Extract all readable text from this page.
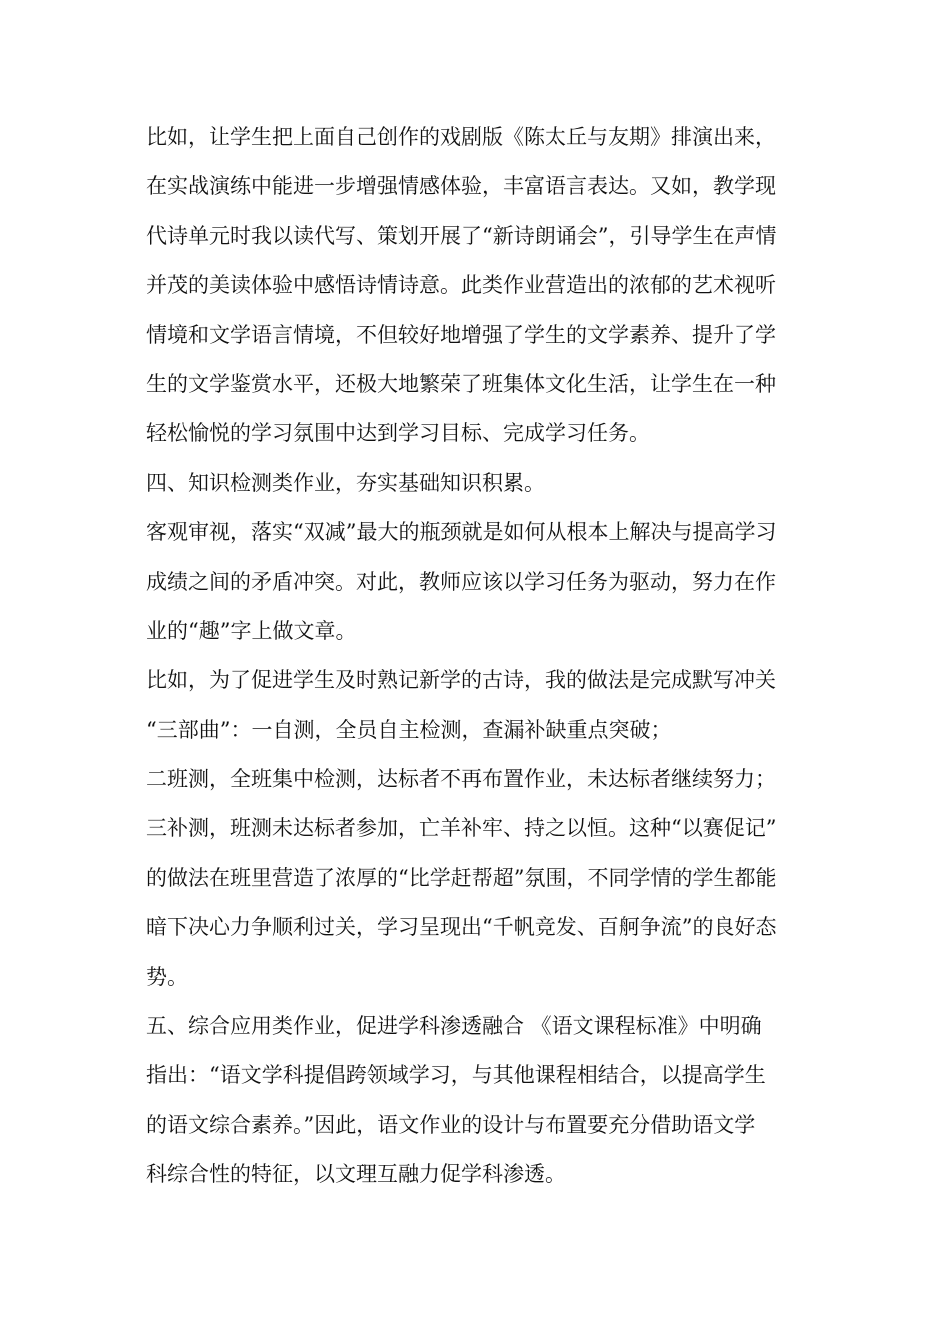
比如，让学生把上面自己创作的戏剧版《陈太丘与友期》排演出来，

在实战演练中能进一步增强情感体验，丰富语言表达。又如，教学现

代诗单元时我以读代写、策划开展了“新诗朗诵会”，引导学生在声情

并茂的美读体验中感悟诗情诗意。此类作业营造出的浓郁的艺术视听

情境和文学语言情境，不但较好地增强了学生的文学素养、提升了学

生的文学鉴赏水平，还极大地繁荣了班集体文化生活，让学生在一种

轻松愉悦的学习氛围中达到学习目标、完成学习任务。

四、知识检测类作业，夯实基础知识积累。

客观审视，落实“双减”最大的瓶颈就是如何从根本上解决与提高学习

成绩之间的矛盾冲突。对此，教师应该以学习任务为驱动，努力在作

业的“趣”字上做文章。

比如，为了促进学生及时熟记新学的古诗，我的做法是完成默写冲关

“三部曲”：一自测，全员自主检测，查漏补缺重点突破；

二班测，全班集中检测，达标者不再布置作业，未达标者继续努力；

三补测，班测未达标者参加，亡羊补牢、持之以恒。这种“以赛促记”

的做法在班里营造了浓厚的“比学赶帮超”氛围，不同学情的学生都能

暗下决心力争顺利过关，学习呈现出“千帆竞发、百舸争流”的良好态

势。

五、综合应用类作业，促进学科渗透融合 《语文课程标准》中明确

指出：“语文学科提倡跨领域学习，与其他课程相结合，以提高学生

的语文综合素养。”因此，语文作业的设计与布置要充分借助语文学

科综合性的特征，以文理互融力促学科渗透。
